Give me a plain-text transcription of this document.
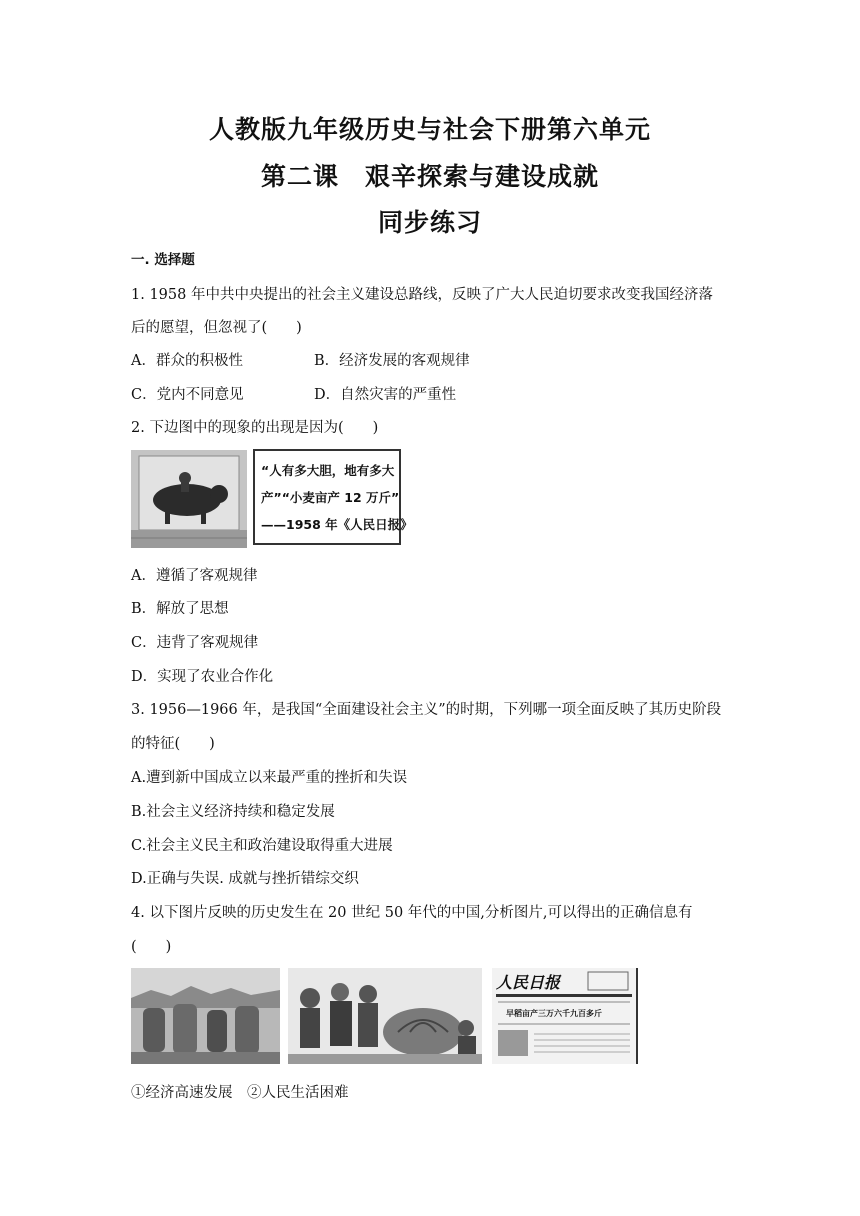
人教版九年级历史与社会下册第六单元
第二课　艰辛探索与建设成就
同步练习
一. 选择题
1. 1958 年中共中央提出的社会主义建设总路线，反映了广大人民迫切要求改变我国经济落
后的愿望，但忽视了(　　)
A．群众的积极性	B．经济发展的客观规律
C．党内不同意见	D．自然灾害的严重性
2. 下边图中的现象的出现是因为(　　)
“人有多大胆，地有多大
产”“小麦亩产 12 万斤”
——1958 年《人民日报》
A．遵循了客观规律
B．解放了思想
C．违背了客观规律
D．实现了农业合作化
3. 1956—1966 年，是我国“全面建设社会主义”的时期，下列哪一项全面反映了其历史阶段
的特征(　　)
A.遭到新中国成立以来最严重的挫折和失误
B.社会主义经济持续和稳定发展
C.社会主义民主和政治建设取得重大进展
D.正确与失误. 成就与挫折错综交织
4. 以下图片反映的历史发生在 20 世纪 50 年代的中国,分析图片,可以得出的正确信息有
(　　)
人民日报
早稻亩产三万六千九百多斤
①经济高速发展　②人民生活困难
